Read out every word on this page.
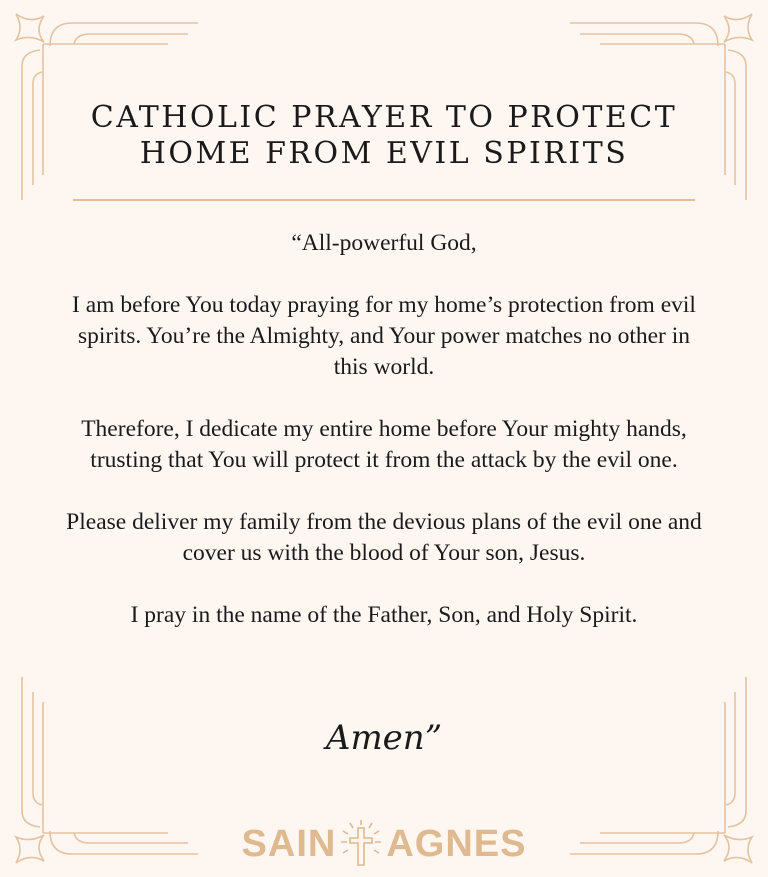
CATHOLIC PRAYER TO PROTECT
HOME FROM EVIL SPIRITS

“All-powerful God,

I am before You today praying for my home’s protection from evil spirits. You’re the Almighty, and Your power matches no other in this world.

Therefore, I dedicate my entire home before Your mighty hands, trusting that You will protect it from the attack by the evil one.

Please deliver my family from the devious plans of the evil one and cover us with the blood of Your son, Jesus.

I pray in the name of the Father, Son, and Holy Spirit.

Amen”
SAIN AGNES
